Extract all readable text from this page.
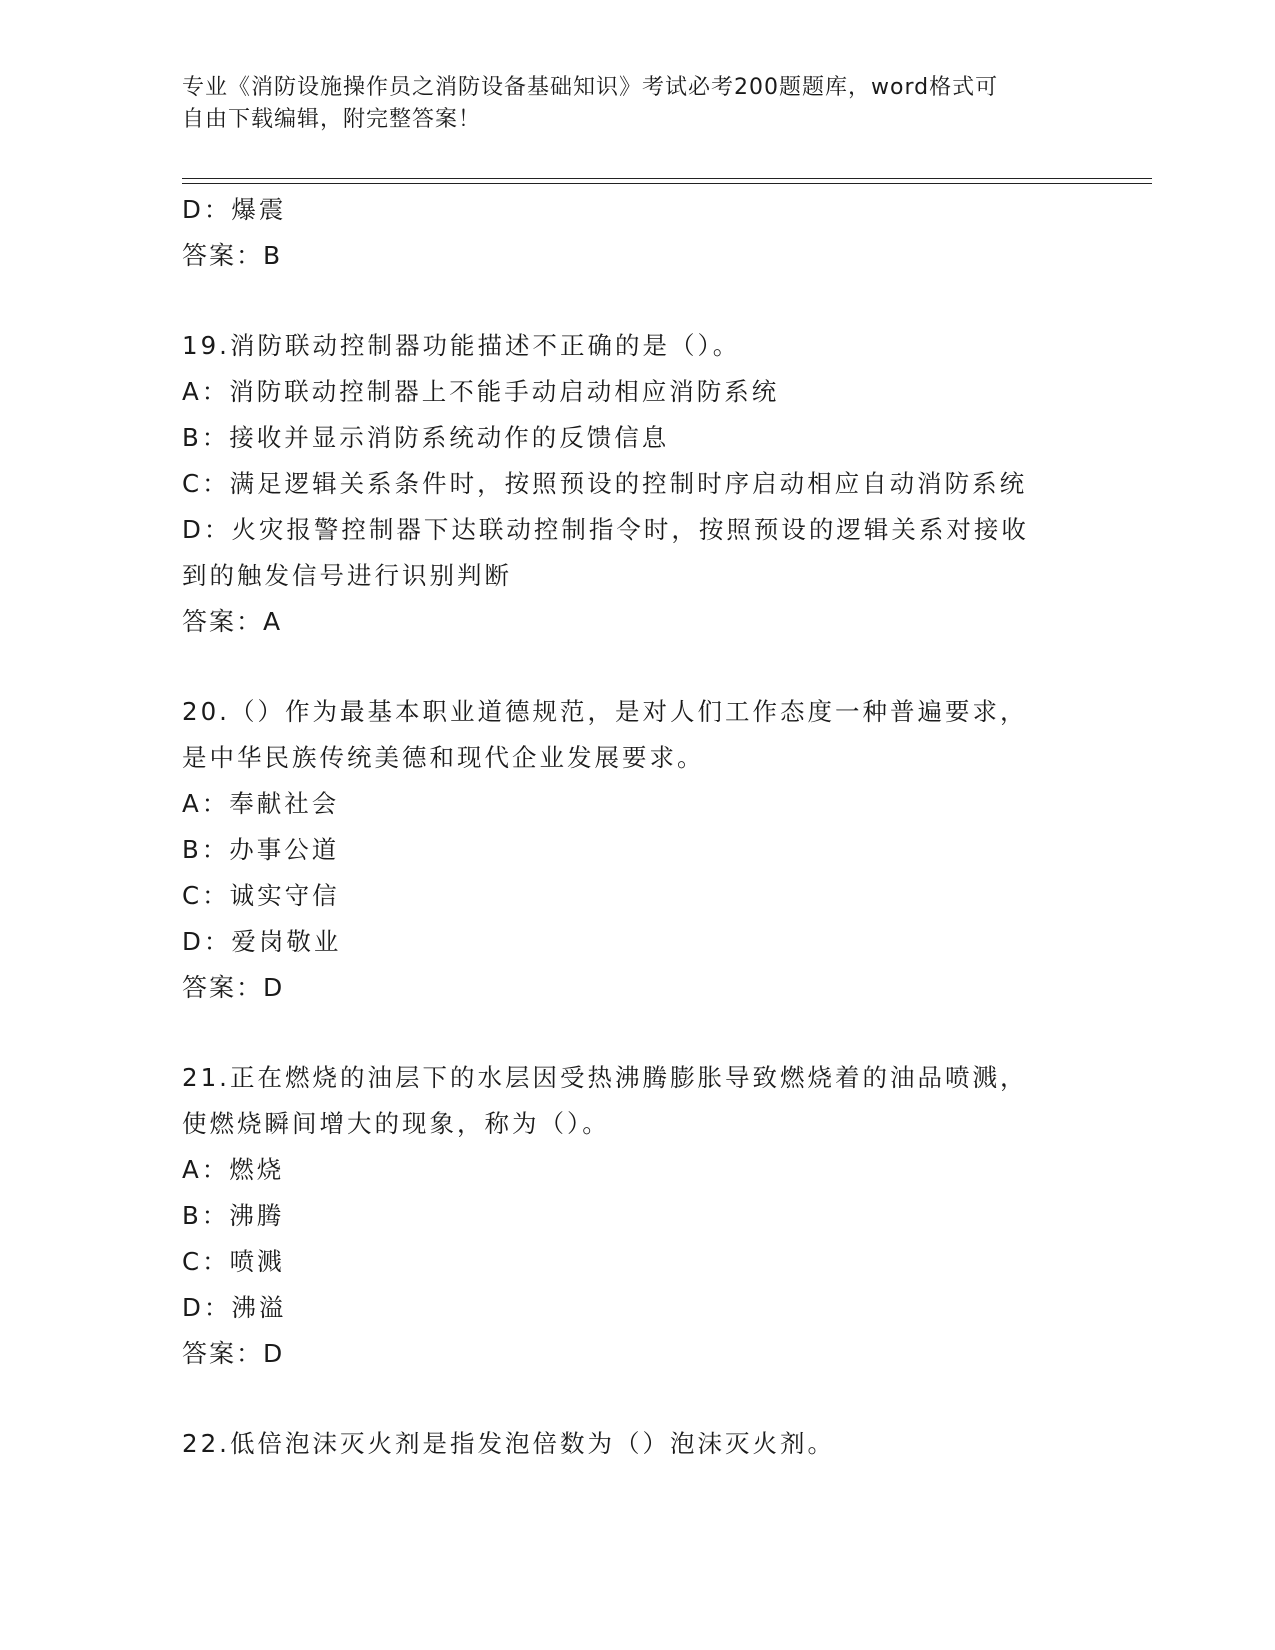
专业《消防设施操作员之消防设备基础知识》考试必考200题题库，word格式可
自由下载编辑，附完整答案！
D：爆震
答案：B
19.消防联动控制器功能描述不正确的是（）。
A：消防联动控制器上不能手动启动相应消防系统
B：接收并显示消防系统动作的反馈信息
C：满足逻辑关系条件时，按照预设的控制时序启动相应自动消防系统
D：火灾报警控制器下达联动控制指令时，按照预设的逻辑关系对接收
到的触发信号进行识别判断
答案：A
20.（）作为最基本职业道德规范，是对人们工作态度一种普遍要求，
是中华民族传统美德和现代企业发展要求。
A：奉献社会
B：办事公道
C：诚实守信
D：爱岗敬业
答案：D
21.正在燃烧的油层下的水层因受热沸腾膨胀导致燃烧着的油品喷溅，
使燃烧瞬间增大的现象，称为（）。
A：燃烧
B：沸腾
C：喷溅
D：沸溢
答案：D
22.低倍泡沫灭火剂是指发泡倍数为（）泡沫灭火剂。
